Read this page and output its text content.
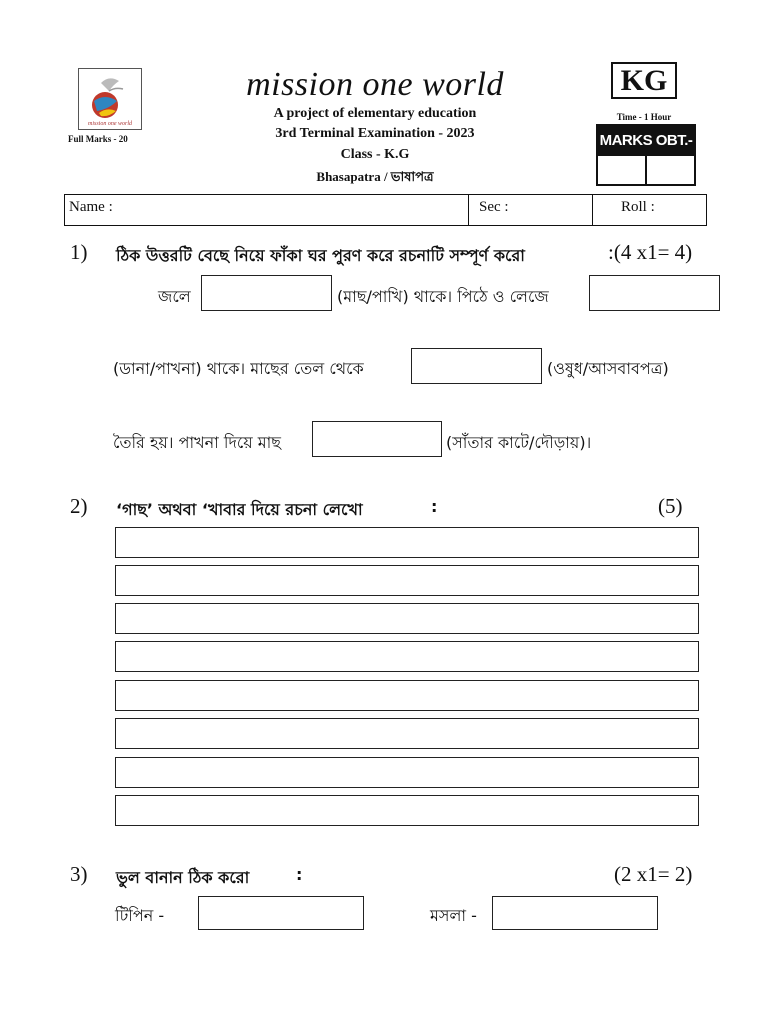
mission one world
Full Marks - 20
mission one world
A project of elementary education
3rd Terminal Examination - 2023
Class - K.G
Bhasapatra / ভাষাপত্র
KG
Time - 1 Hour
MARKS OBT.-
Name :	Sec :	Roll :
1) ঠিক উত্তরটি বেছে নিয়ে ফাঁকা ঘর পুরণ করে রচনাটি সম্পূর্ণ করো	:(4 x1= 4)
জলে	(মাছ/পাখি) থাকে। পিঠে ও লেজে
(ডানা/পাখনা) থাকে। মাছের তেল থেকে	(ওষুধ/আসবাবপত্র)
তৈরি হয়। পাখনা দিয়ে মাছ	(সাঁতার কাটে/দৌড়ায়)।
2) ‘গাছ’ অথবা ‘খাবার দিয়ে রচনা লেখো	:	(5)
3) ভুল বানান ঠিক করো	:	(2 x1= 2)
টিপিন -	মসলা -
